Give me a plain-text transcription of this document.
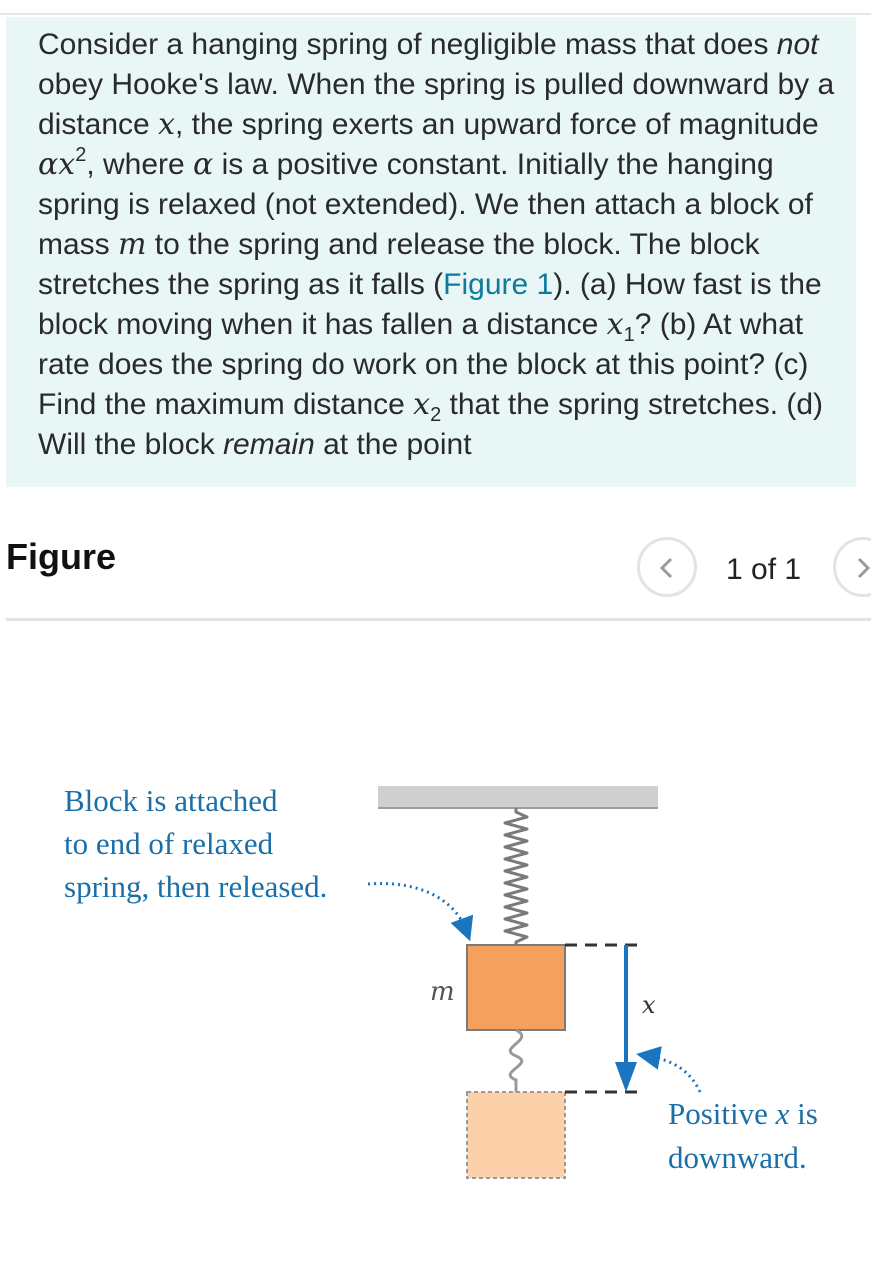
Consider a hanging spring of negligible mass that does not obey Hooke's law. When the spring is pulled downward by a distance x, the spring exerts an upward force of magnitude $\alpha x^2$, where α is a positive constant. Initially the hanging spring is relaxed (not extended). We then attach a block of mass m to the spring and release the block. The block stretches the spring as it falls (Figure 1). (a) How fast is the block moving when it has fallen a distance $x_1$? (b) At what rate does the spring do work on the block at this point? (c) Find the maximum distance $x_2$ that the spring stretches. (d) Will the block remain at the point

Figure	1 of 1
m	x
Block is attached to end of relaxed spring, then released.
Positive x is downward.
